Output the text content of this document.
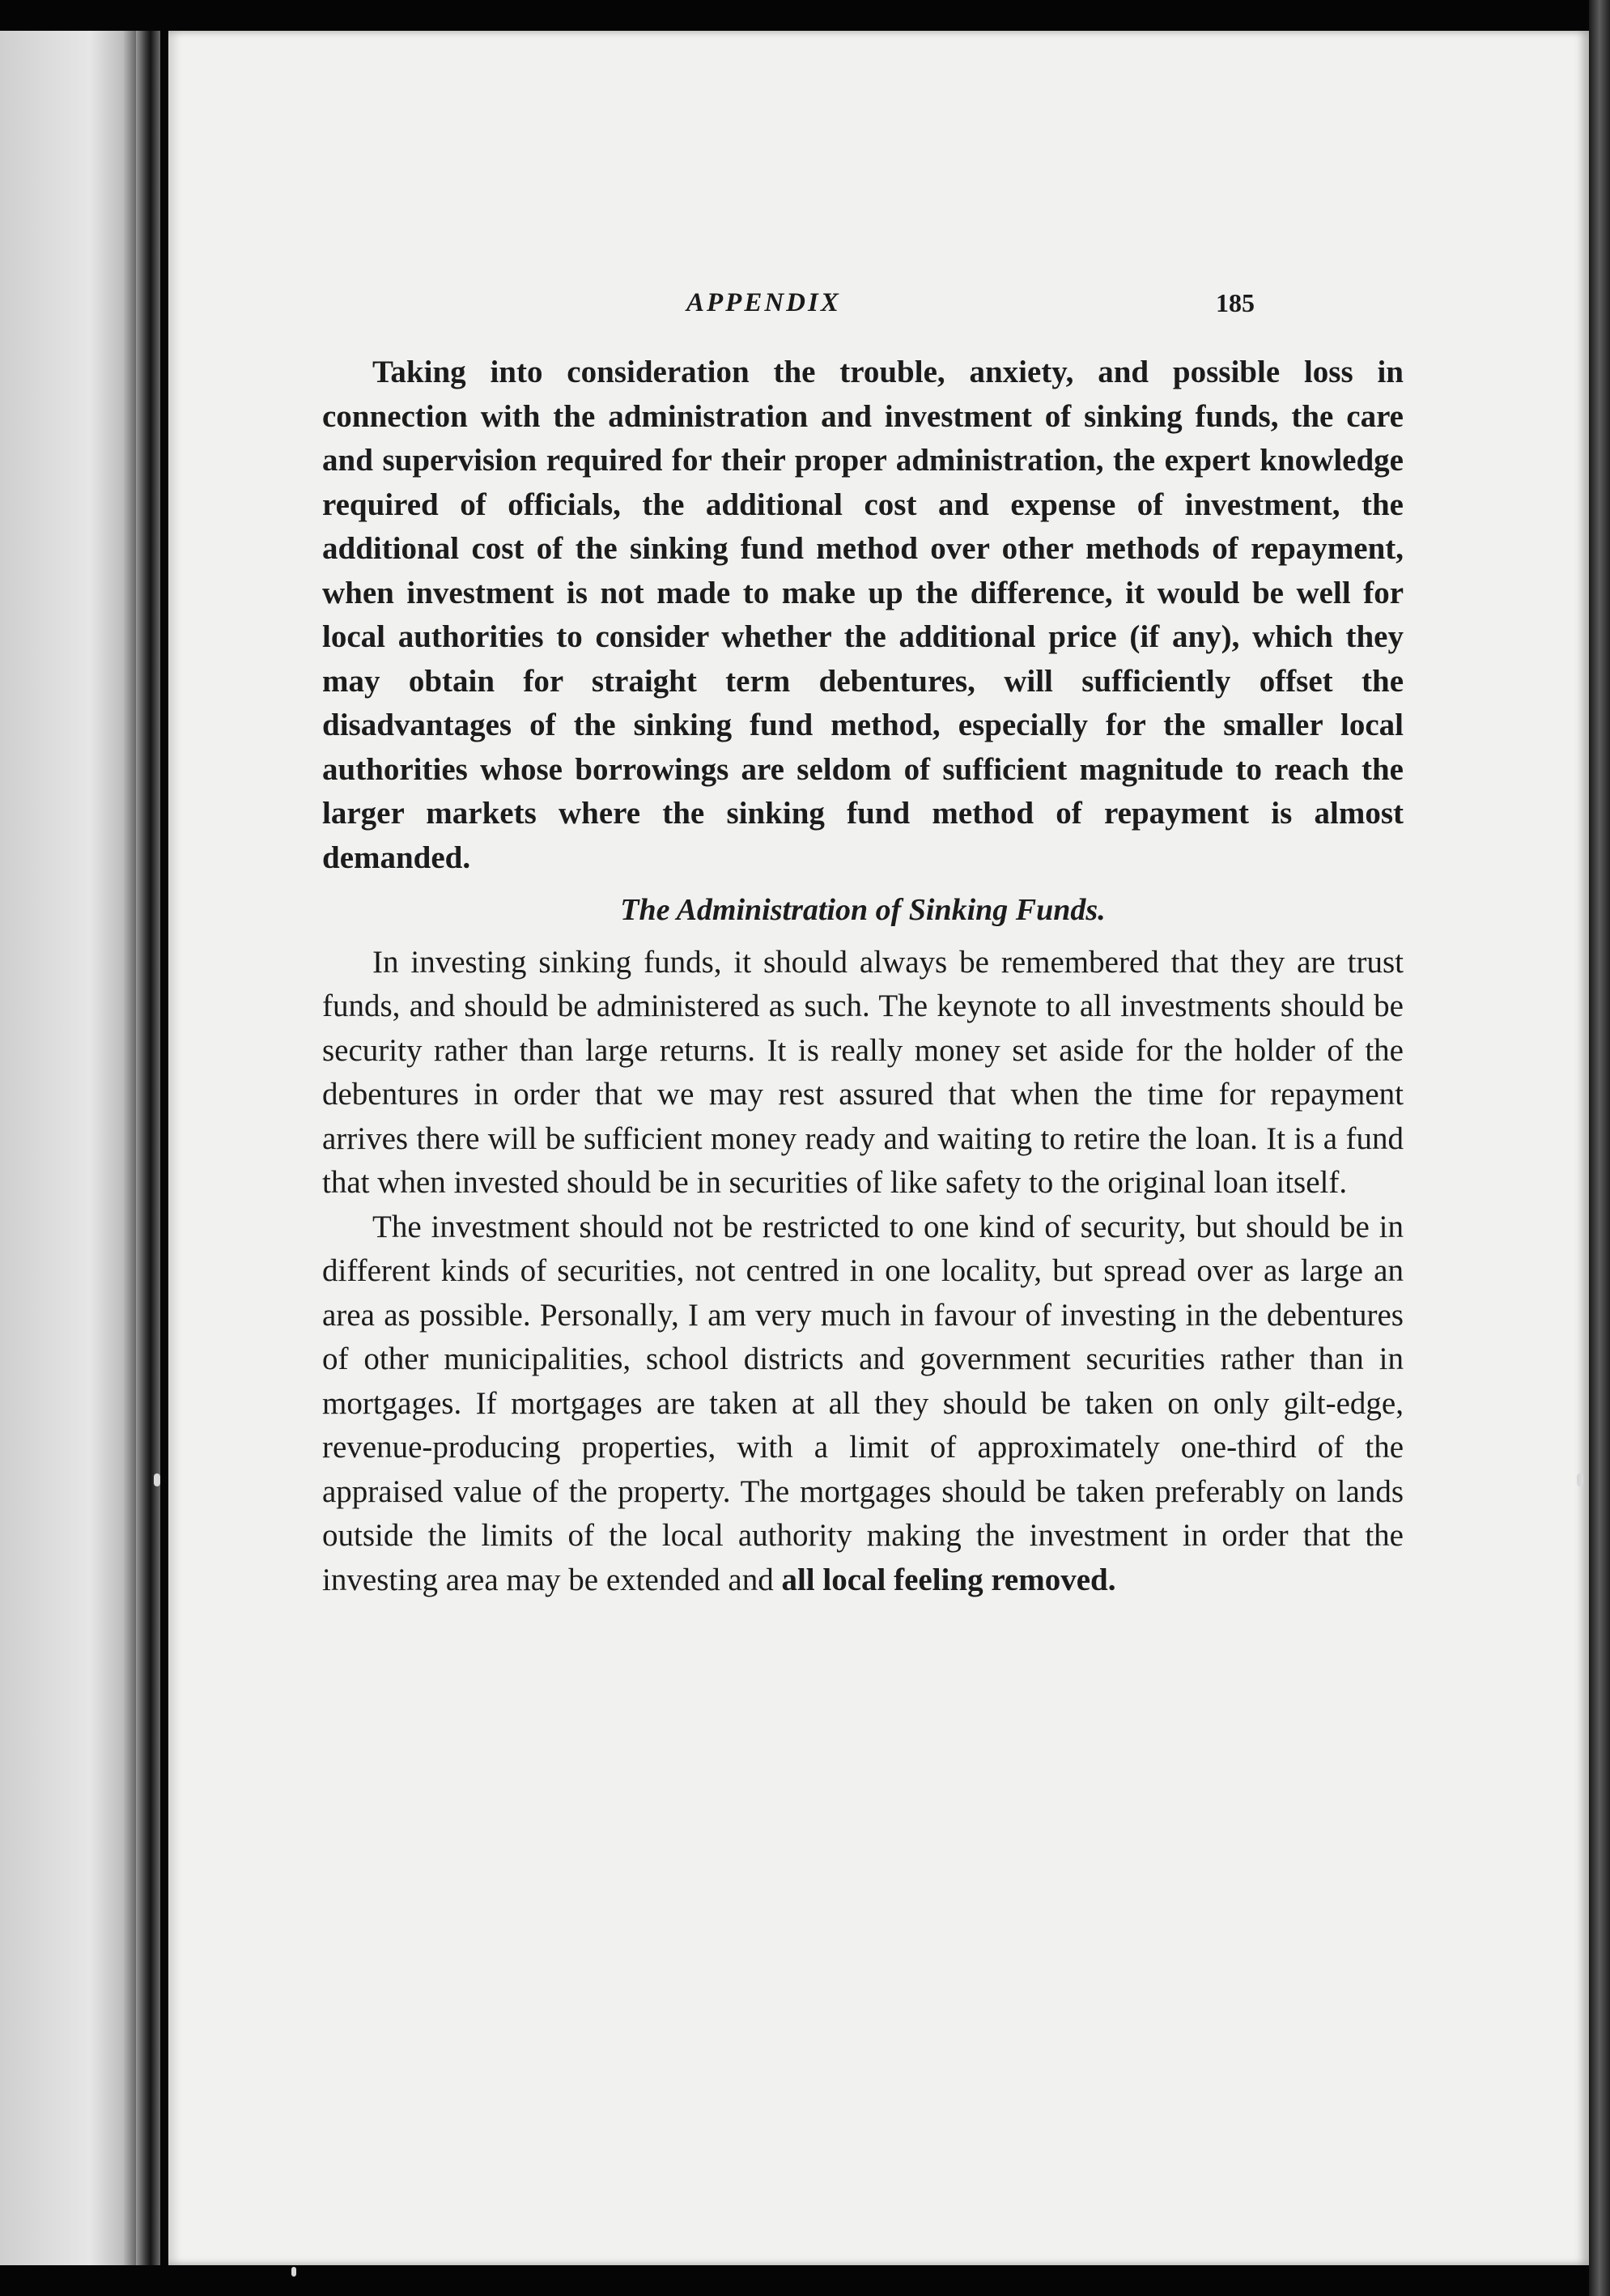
APPENDIX	185

Taking into consideration the trouble, anxiety, and possible loss in connection with the administration and investment of sinking funds, the care and supervision required for their proper administration, the expert knowledge required of officials, the additional cost and expense of investment, the additional cost of the sinking fund method over other methods of repayment, when investment is not made to make up the difference, it would be well for local authorities to consider whether the additional price (if any), which they may obtain for straight term debentures, will sufficiently offset the disadvantages of the sinking fund method, especially for the smaller local authorities whose borrowings are seldom of sufficient magnitude to reach the larger markets where the sinking fund method of repayment is almost demanded.

The Administration of Sinking Funds.

In investing sinking funds, it should always be remembered that they are trust funds, and should be administered as such. The keynote to all investments should be security rather than large returns. It is really money set aside for the holder of the debentures in order that we may rest assured that when the time for repayment arrives there will be sufficient money ready and waiting to retire the loan. It is a fund that when invested should be in securities of like safety to the original loan itself.

The investment should not be restricted to one kind of security, but should be in different kinds of securities, not centred in one locality, but spread over as large an area as possible. Personally, I am very much in favour of investing in the debentures of other municipalities, school districts and government securities rather than in mortgages. If mortgages are taken at all they should be taken on only gilt-edge, revenue-producing properties, with a limit of approximately one-third of the appraised value of the property. The mortgages should be taken preferably on lands outside the limits of the local authority making the investment in order that the investing area may be extended and all local feeling removed.
